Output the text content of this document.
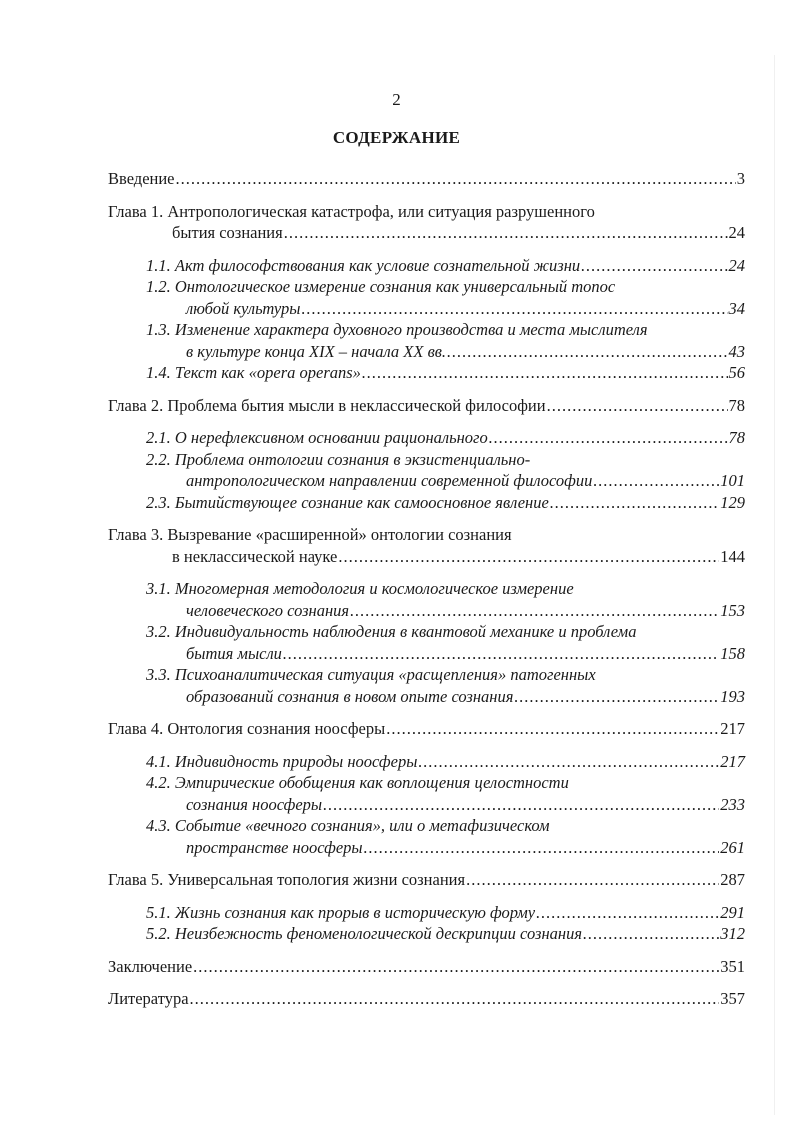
2
СОДЕРЖАНИЕ
Введение .....	3
Глава 1. Антропологическая катастрофа, или ситуация разрушенного
бытия сознания .....	24
1.1. Акт философствования как условие сознательной жизни .....	24
1.2. Онтологическое измерение сознания как универсальный топос
любой культуры .....	34
1.3. Изменение характера духовного производства и места мыслителя
в культуре конца XIX – начала XX вв. .....	43
1.4. Текст как «opera operans» .....	56
Глава 2. Проблема бытия мысли в неклассической философии .....	78
2.1. О нерефлексивном основании рационального .....	78
2.2. Проблема онтологии сознания в экзистенциально-
антропологическом направлении современной философии .....	101
2.3. Бытийствующее сознание как самоосновное явление .....	129
Глава 3. Вызревание «расширенной» онтологии сознания
в неклассической науке .....	144
3.1. Многомерная методология и космологическое измерение
человеческого сознания .....	153
3.2. Индивидуальность наблюдения в квантовой механике и проблема
бытия мысли .....	158
3.3. Психоаналитическая ситуация «расщепления» патогенных
образований сознания в новом опыте сознания .....	193
Глава 4. Онтология сознания ноосферы .....	217
4.1. Индивидность природы ноосферы .....	217
4.2. Эмпирические обобщения как воплощения целостности
сознания ноосферы .....	233
4.3. Событие «вечного сознания», или о метафизическом
пространстве ноосферы .....	261
Глава 5. Универсальная топология жизни сознания .....	287
5.1. Жизнь сознания как прорыв в историческую форму .....	291
5.2. Неизбежность феноменологической дескрипции сознания .....	312
Заключение .....	351
Литература .....	357
